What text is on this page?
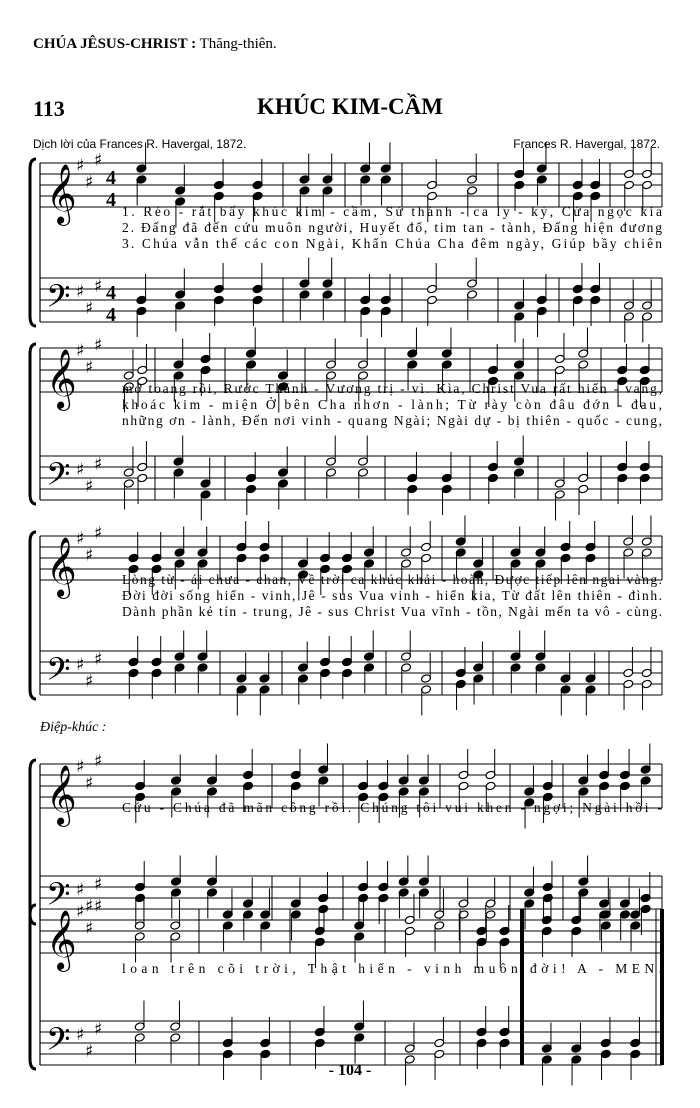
CHÚA JÊSUS-CHRIST : Thăng-thiên.
113	KHÚC KIM-CẦM
Dịch lời của Frances R. Havergal, 1872.	Frances R. Havergal, 1872.
Điệp-khúc :
- 104 -
𝄞
𝄢
♯
♯
♯
♯
♯
♯
4
4
4
4
1. Réo - rắt bấy khúc kim - cầm, Sứ thánh - ca ly - kỳ, Cửa ngọc kia
2. Đấng đã đến cứu muôn người, Huyết đổ, tim tan - tành, Đấng hiện đương
3. Chúa vẫn thế các con Ngài, Khẩn Chúa Cha đêm ngày, Giúp bầy chiên
𝄞
𝄢
♯
♯
♯
♯
♯
♯
mở toang rồi, Rước Thánh - Vương trị - vì. Kìa, Christ Vua rất hiển - vang,
khoác kim - miện Ở bên Cha nhơn - lành; Từ rày còn đâu đớn - đau,
những ơn - lành, Đến nơi vinh - quang Ngài; Ngài dự - bị thiên - quốc - cung,
𝄞
𝄢
♯
♯
♯
♯
♯
♯
Lòng từ - ái chưa - chan, Về trời ca khúc khải - hoàn, Được tiếp lên ngai vàng.
Đời đời sống hiển - vinh, Jê - sus Vua vinh - hiển kia, Từ đất lên thiên - đình.
Dành phần kẻ tín - trung, Jê - sus Christ Vua vĩnh - tồn, Ngài mến ta vô - cùng.
𝄞
𝄢
♯
♯
♯
♯
♯
♯
Cứu - Chúa đã mãn công rồi. Chúng tôi vui khen - ngợi; Ngài hồi -
𝄞
𝄢
♯
♯
♯
♯
♯
♯
loan trên cõi trời, Thật hiển - vinh muôn đời! A - MEN.
